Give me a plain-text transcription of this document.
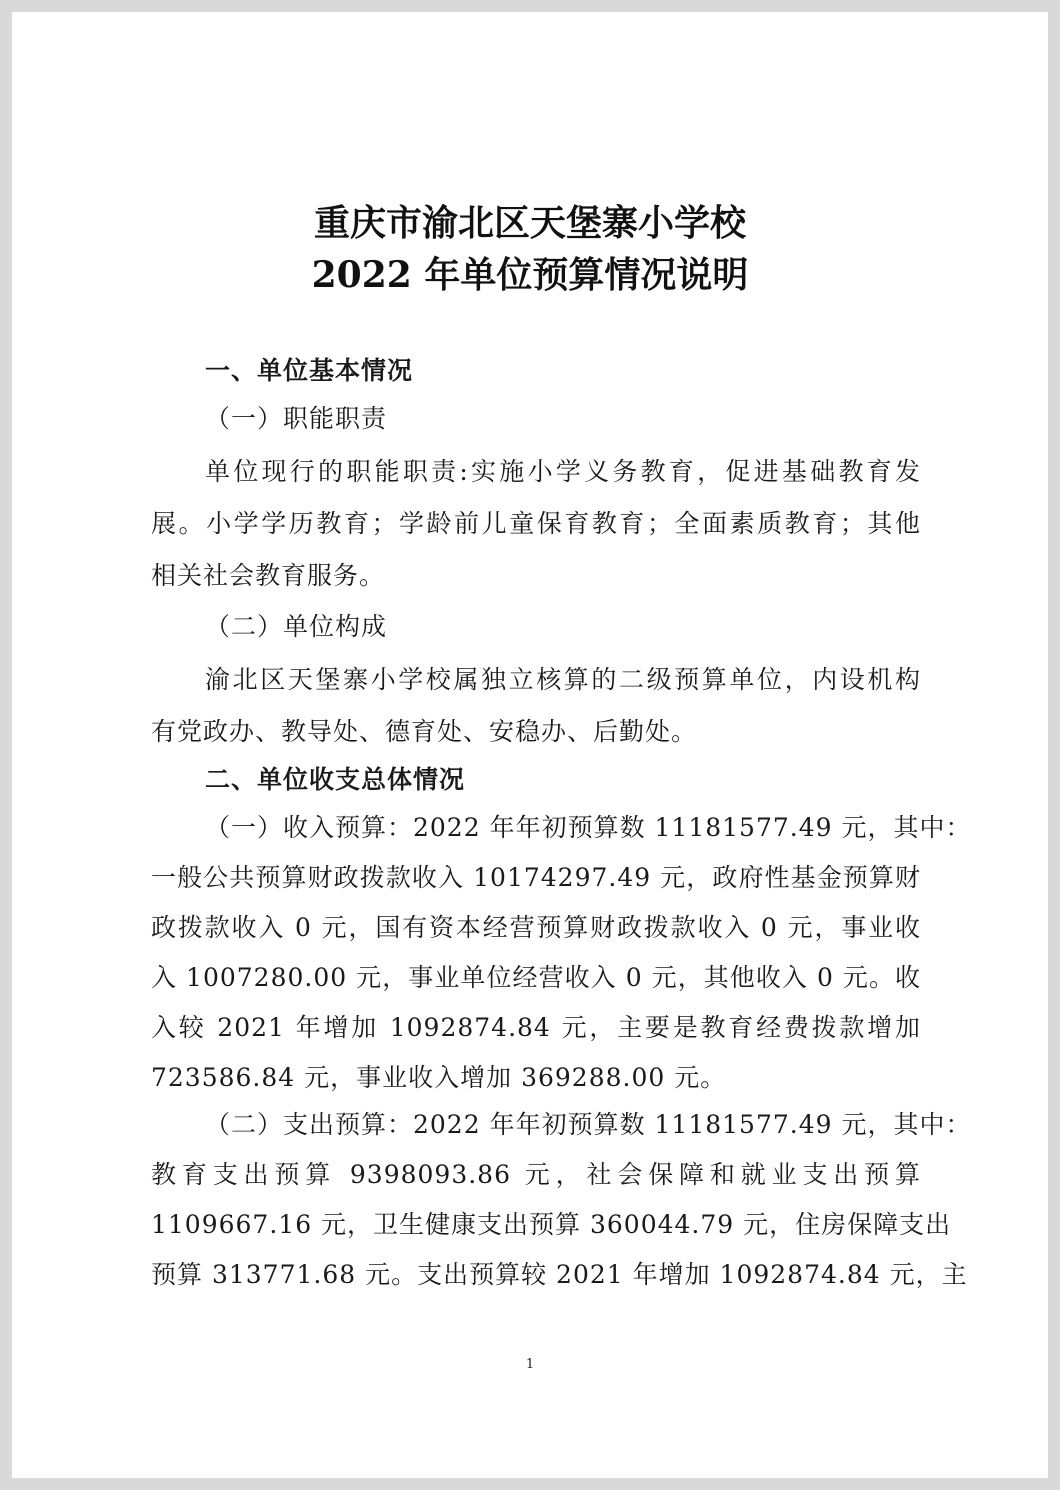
重庆市渝北区天堡寨小学校
2022 年单位预算情况说明
一、单位基本情况
（一）职能职责
单位现行的职能职责:实施小学义务教育，促进基础教育发
展。小学学历教育；学龄前儿童保育教育；全面素质教育；其他
相关社会教育服务。
（二）单位构成
渝北区天堡寨小学校属独立核算的二级预算单位，内设机构
有党政办、教导处、德育处、安稳办、后勤处。
二、单位收支总体情况
（一）收入预算：2022 年年初预算数 11181577.49 元，其中：
一般公共预算财政拨款收入 10174297.49 元，政府性基金预算财
政拨款收入 0 元，国有资本经营预算财政拨款收入 0 元，事业收
入 1007280.00 元，事业单位经营收入 0 元，其他收入 0 元。收
入较 2021 年增加 1092874.84 元，主要是教育经费拨款增加
723586.84 元，事业收入增加 369288.00 元。
（二）支出预算：2022 年年初预算数 11181577.49 元，其中：
教育支出预算 9398093.86 元，社会保障和就业支出预算
1109667.16 元，卫生健康支出预算 360044.79 元，住房保障支出
预算 313771.68 元。支出预算较 2021 年增加 1092874.84 元，主
1
